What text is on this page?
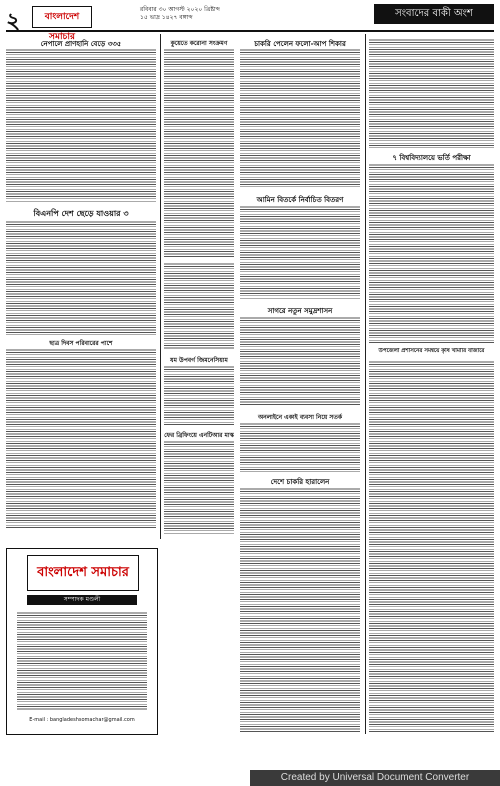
২	বাংলাদেশ সমাচার
রবিবার ৩০ আগস্ট ২০২০ খ্রিষ্টাব্দ
১৫ ভাদ্র ১৪২৭ বঙ্গাব্দ	সংবাদের বাকী অংশ
নেপালে প্রাণহানি বেড়ে ৩৩৫
বিএনপি দেশ ছেড়ে যাওয়ার ৩
ছাত্র দিবস পরিবারের পাশে
কুয়েতে করোনা সংক্রমণ
যম উপবর্গ জিমনেসিয়াম
ফের ব্রিফিংয়ে এনটিআর মাস্ক
চাকরি পেলেন ফলো-আপ শিকার
আমিন বিতর্কে নির্বাচিত বিতরণ
সাগরে নতুন সমুদ্রশাসন
অনলাইনে একাই ব্যবসা নিয়ে সতর্ক
দেশে চাকরি হারালেন
৭ বিশ্ববিদ্যালয়ে ভর্তি পরীক্ষা
উপজেলা প্রশাসনের সমন্বয়ে কৃষি খামারি বাজারে
বাংলাদেশ সমাচার
সম্পাদক মণ্ডলী
E-mail : bangladeshsomachar@gmail.com
Created by Universal Document Converter
